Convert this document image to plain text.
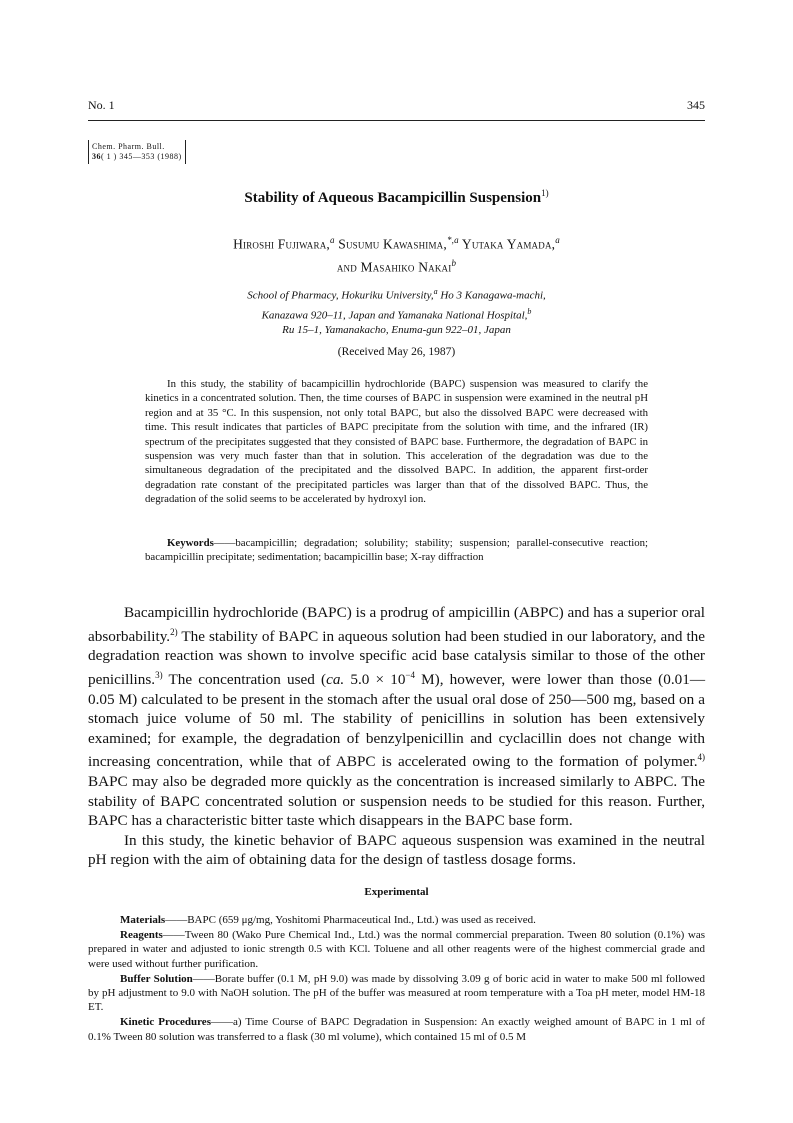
No. 1	345
Chem. Pharm. Bull.
36( 1 ) 345—353 (1988)
Stability of Aqueous Bacampicillin Suspension$^{1)}$
Hiroshi Fujiwara,$^a$ Susumu Kawashima,$^{*,a}$ Yutaka Yamada,$^a$
and Masahiko Nakai$^b$
School of Pharmacy, Hokuriku University,$^a$ Ho 3 Kanagawa-machi,
Kanazawa 920–11, Japan and Yamanaka National Hospital,$^b$
Ru 15–1, Yamanakacho, Enuma-gun 922–01, Japan
(Received May 26, 1987)

In this study, the stability of bacampicillin hydrochloride (BAPC) suspension was measured to clarify the kinetics in a concentrated solution. Then, the time courses of BAPC in suspension were examined in the neutral pH region and at 35 °C. In this suspension, not only total BAPC, but also the dissolved BAPC were decreased with time. This result indicates that particles of BAPC precipitate from the solution with time, and the infrared (IR) spectrum of the precipitates suggested that they consisted of BAPC base. Furthermore, the degradation of BAPC in suspension was very much faster than that in solution. This acceleration of the degradation was due to the simultaneous degradation of the precipitated and the dissolved BAPC. In addition, the apparent first-order degradation rate constant of the precipitated particles was larger than that of the dissolved BAPC. Thus, the degradation of the solid seems to be accelerated by hydroxyl ion.

Keywords——bacampicillin; degradation; solubility; stability; suspension; parallel-consecutive reaction; bacampicillin precipitate; sedimentation; bacampicillin base; X-ray diffraction

Bacampicillin hydrochloride (BAPC) is a prodrug of ampicillin (ABPC) and has a superior oral absorbability.$^{2)}$ The stability of BAPC in aqueous solution had been studied in our laboratory, and the degradation reaction was shown to involve specific acid base catalysis similar to those of the other penicillins.$^{3)}$ The concentration used (ca. $5.0 \times 10^{-4}$ M), however, were lower than those (0.01—0.05 M) calculated to be present in the stomach after the usual oral dose of 250—500 mg, based on a stomach juice volume of 50 ml. The stability of penicillins in solution has been extensively examined; for example, the degradation of benzylpenicillin and cyclacillin does not change with increasing concentration, while that of ABPC is accelerated owing to the formation of polymer.$^{4)}$ BAPC may also be degraded more quickly as the concentration is increased similarly to ABPC. The stability of BAPC concentrated solution or suspension needs to be studied for this reason. Further, BAPC has a characteristic bitter taste which disappears in the BAPC base form.

In this study, the kinetic behavior of BAPC aqueous suspension was examined in the neutral pH region with the aim of obtaining data for the design of tastless dosage forms.

Experimental

Materials——BAPC (659 μg/mg, Yoshitomi Pharmaceutical Ind., Ltd.) was used as received.

Reagents——Tween 80 (Wako Pure Chemical Ind., Ltd.) was the normal commercial preparation. Tween 80 solution (0.1%) was prepared in water and adjusted to ionic strength 0.5 with KCl. Toluene and all other reagents were of the highest commercial grade and were used without further purification.

Buffer Solution——Borate buffer (0.1 M, pH 9.0) was made by dissolving 3.09 g of boric acid in water to make 500 ml followed by pH adjustment to 9.0 with NaOH solution. The pH of the buffer was measured at room temperature with a Toa pH meter, model HM-18 ET.

Kinetic Procedures——a) Time Course of BAPC Degradation in Suspension: An exactly weighed amount of BAPC in 1 ml of 0.1% Tween 80 solution was transferred to a flask (30 ml volume), which contained 15 ml of 0.5 M
